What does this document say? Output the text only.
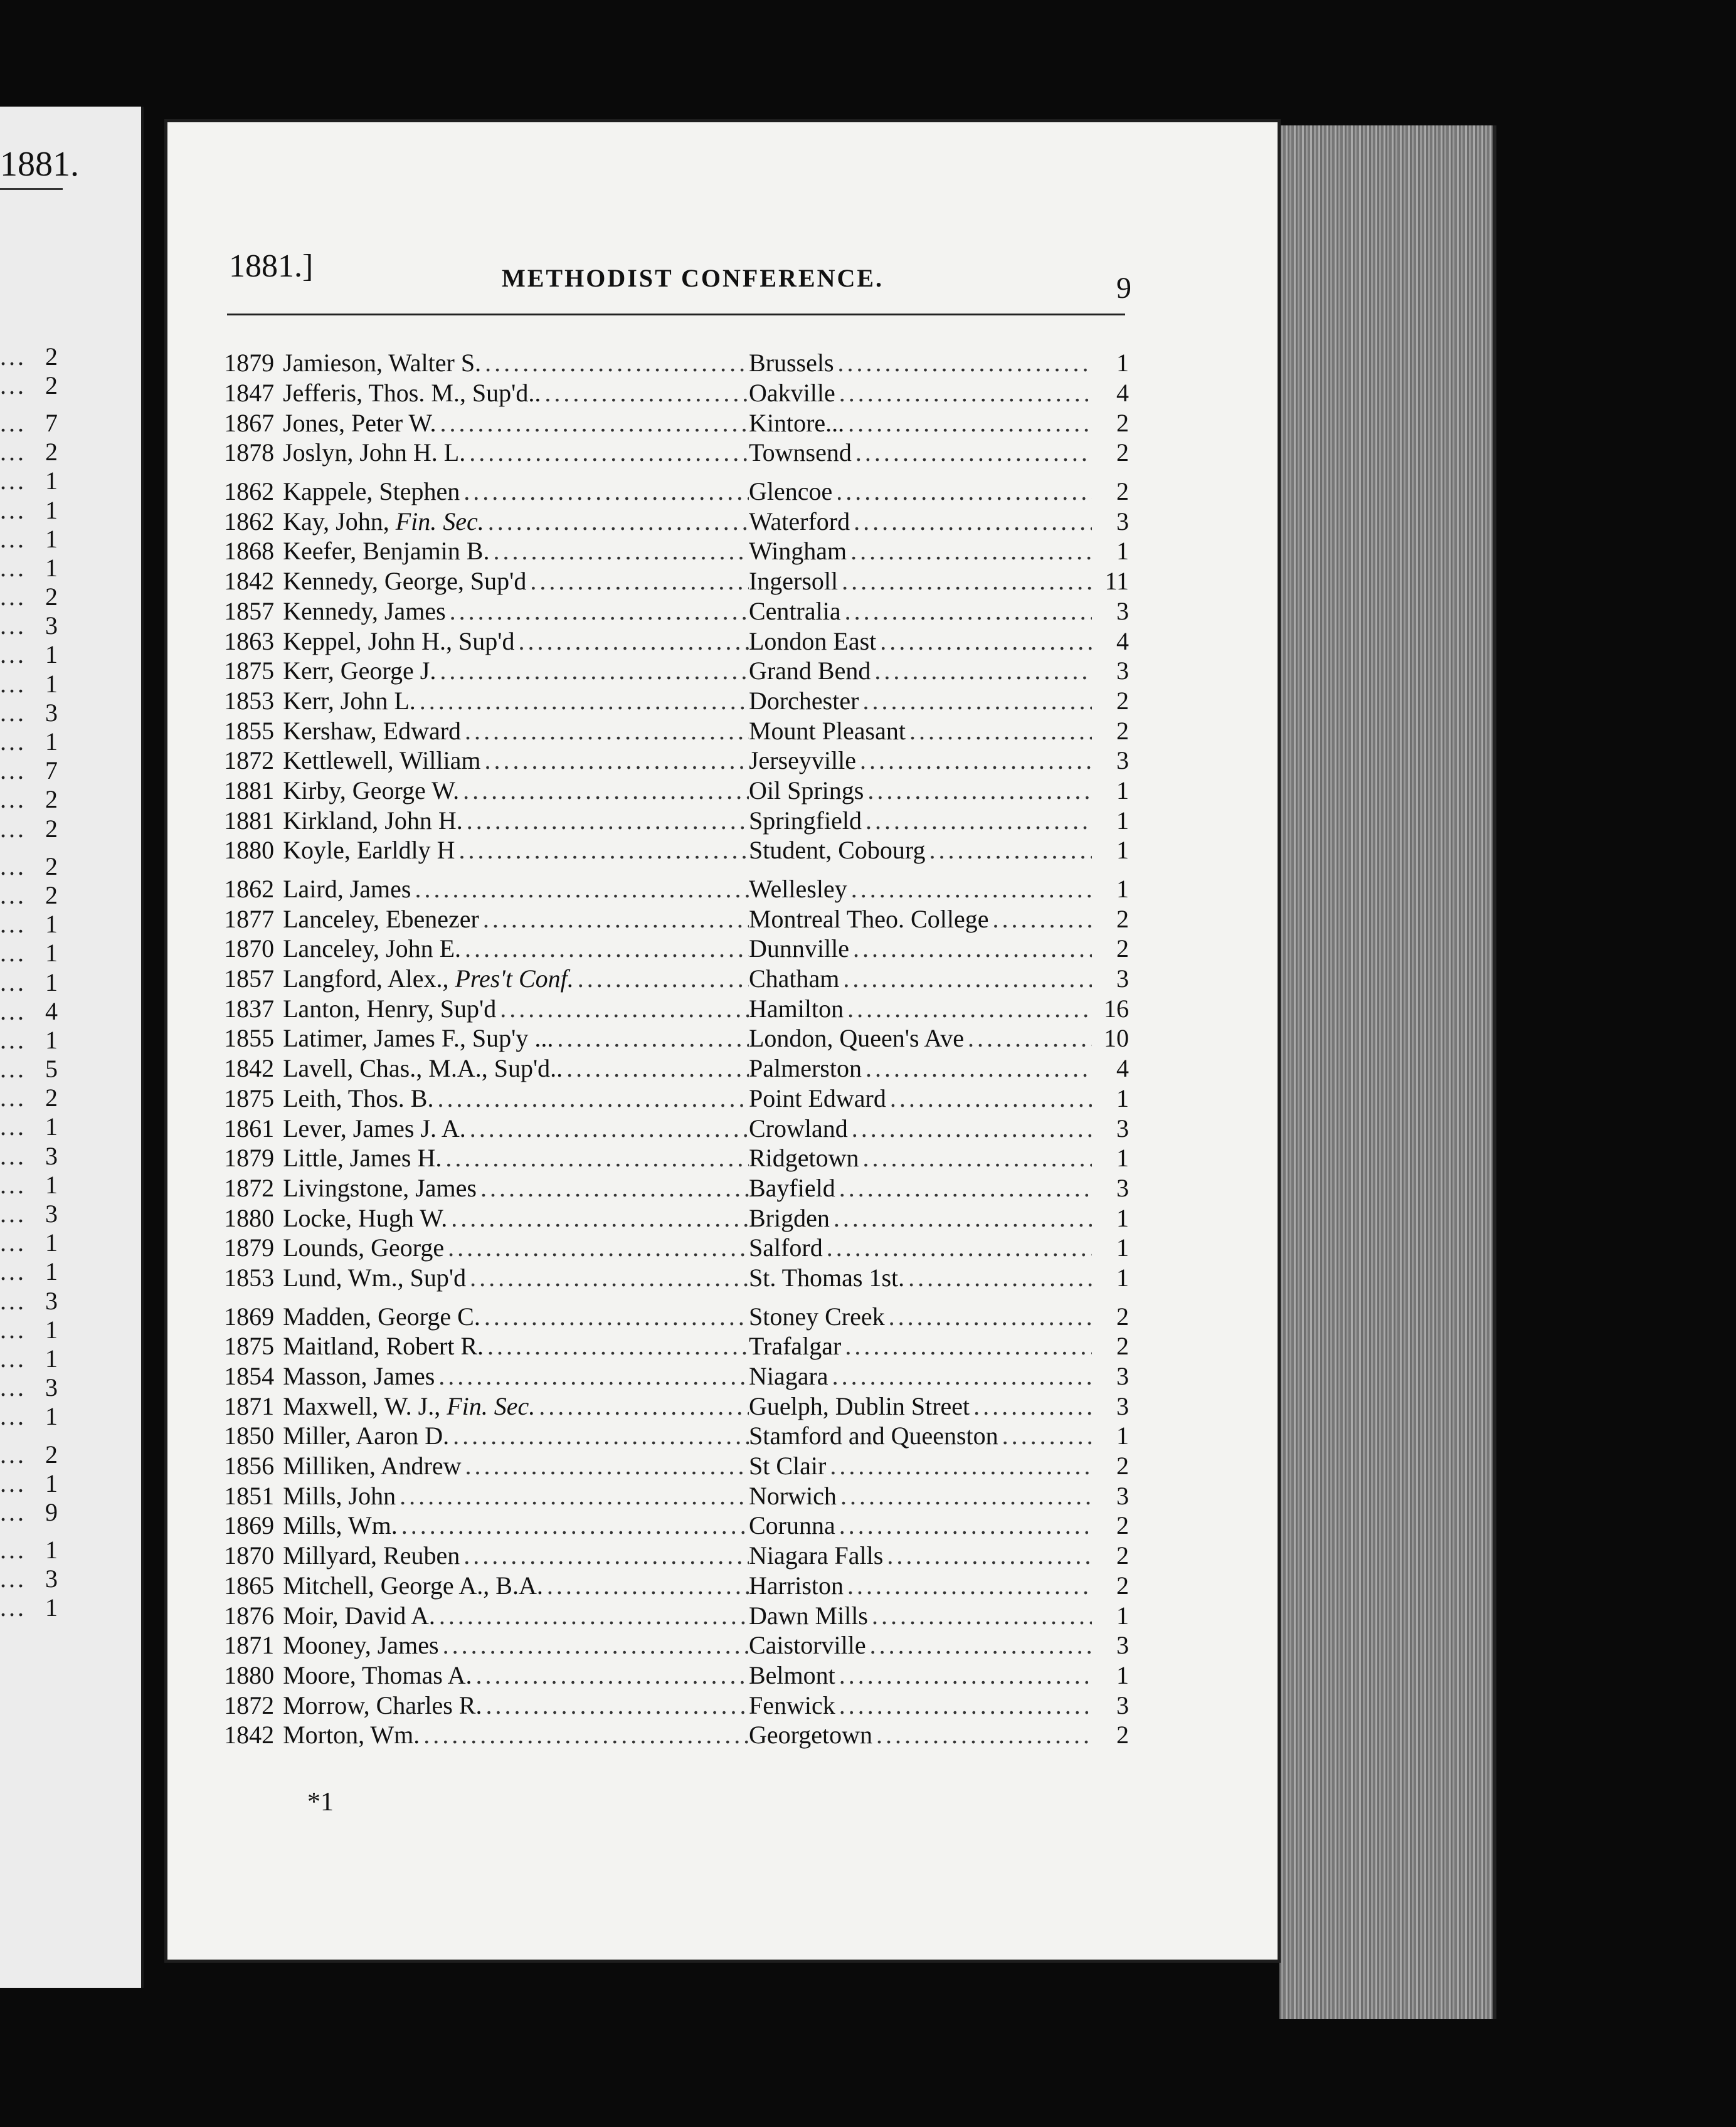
1881.
... 2
... 2
... 7
... 2
... 1
... 1
... 1
... 1
... 2
... 3
... 1
... 1
... 3
... 1
... 7
... 2
... 2
... 2
... 2
... 1
... 1
... 1
... 4
... 1
... 5
... 2
... 1
... 3
... 1
... 3
... 1
... 1
... 3
... 1
... 1
... 3
... 1
... 2
... 1
... 9
... 1
... 3
... 1
1881.]	METHODIST CONFERENCE.	9
1879 Jamieson, Walter S. .....	Brussels .....	1
1847 Jefferis, Thos. M., Sup'd.. .....	Oakville .....	4
1867 Jones, Peter W. .....	Kintore... .....	2
1878 Joslyn, John H. L. .....	Townsend .....	2
1862 Kappele, Stephen .....	Glencoe .....	2
1862 Kay, John, Fin. Sec. .....	Waterford .....	3
1868 Keefer, Benjamin B. .....	Wingham .....	1
1842 Kennedy, George, Sup'd .....	Ingersoll .....	11
1857 Kennedy, James .....	Centralia .....	3
1863 Keppel, John H., Sup'd .....	London East .....	4
1875 Kerr, George J. .....	Grand Bend .....	3
1853 Kerr, John L. .....	Dorchester .....	2
1855 Kershaw, Edward .....	Mount Pleasant .....	2
1872 Kettlewell, William .....	Jerseyville .....	3
1881 Kirby, George W. .....	Oil Springs .....	1
1881 Kirkland, John H. .....	Springfield .....	1
1880 Koyle, Earldly H .....	Student, Cobourg .....	1
1862 Laird, James .....	Wellesley .....	1
1877 Lanceley, Ebenezer .....	Montreal Theo. College .....	2
1870 Lanceley, John E. .....	Dunnville .....	2
1857 Langford, Alex., Pres't Conf. .....	Chatham .....	3
1837 Lanton, Henry, Sup'd .....	Hamilton .....	16
1855 Latimer, James F., Sup'y ... .....	London, Queen's Ave .....	10
1842 Lavell, Chas., M.A., Sup'd.. .....	Palmerston .....	4
1875 Leith, Thos. B. .....	Point Edward .....	1
1861 Lever, James J. A. .....	Crowland .....	3
1879 Little, James H. .....	Ridgetown .....	1
1872 Livingstone, James .....	Bayfield .....	3
1880 Locke, Hugh W. .....	Brigden .....	1
1879 Lounds, George .....	Salford .....	1
1853 Lund, Wm., Sup'd .....	St. Thomas 1st. .....	1
1869 Madden, George C. .....	Stoney Creek .....	2
1875 Maitland, Robert R. .....	Trafalgar .....	2
1854 Masson, James .....	Niagara .....	3
1871 Maxwell, W. J., Fin. Sec. .....	Guelph, Dublin Street .....	3
1850 Miller, Aaron D. .....	Stamford and Queenston .....	1
1856 Milliken, Andrew .....	St Clair .....	2
1851 Mills, John .....	Norwich .....	3
1869 Mills, Wm. .....	Corunna .....	2
1870 Millyard, Reuben .....	Niagara Falls .....	2
1865 Mitchell, George A., B.A. .....	Harriston .....	2
1876 Moir, David A. .....	Dawn Mills .....	1
1871 Mooney, James .....	Caistorville .....	3
1880 Moore, Thomas A. .....	Belmont .....	1
1872 Morrow, Charles R. .....	Fenwick .....	3
1842 Morton, Wm. .....	Georgetown .....	2
*1
